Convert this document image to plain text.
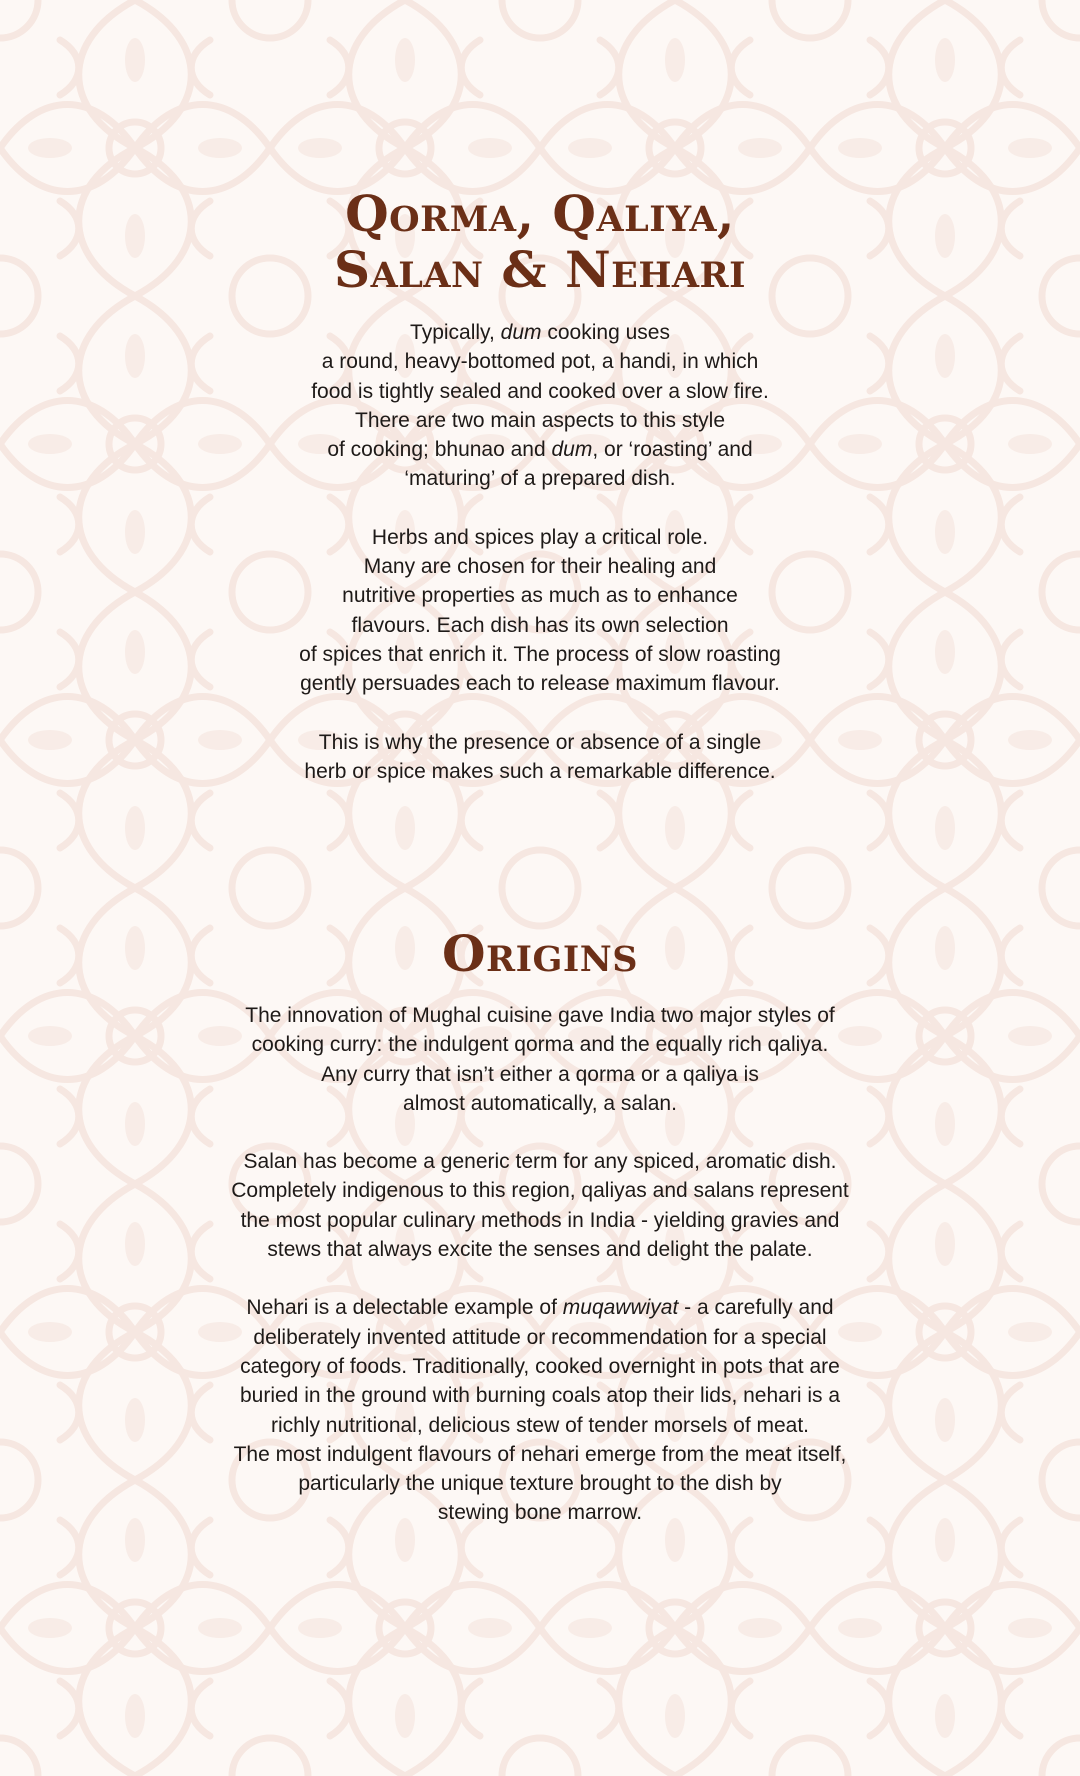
Qorma, Qaliya,
Salan & Nehari

Typically, dum cooking uses
a round, heavy-bottomed pot, a handi, in which
food is tightly sealed and cooked over a slow fire.
There are two main aspects to this style
of cooking; bhunao and dum, or ‘roasting’ and
‘maturing’ of a prepared dish.

Herbs and spices play a critical role.
Many are chosen for their healing and
nutritive properties as much as to enhance
flavours. Each dish has its own selection
of spices that enrich it. The process of slow roasting
gently persuades each to release maximum flavour.

This is why the presence or absence of a single
herb or spice makes such a remarkable difference.

Origins

The innovation of Mughal cuisine gave India two major styles of
cooking curry: the indulgent qorma and the equally rich qaliya.
Any curry that isn’t either a qorma or a qaliya is
almost automatically, a salan.

Salan has become a generic term for any spiced, aromatic dish.
Completely indigenous to this region, qaliyas and salans represent
the most popular culinary methods in India - yielding gravies and
stews that always excite the senses and delight the palate.

Nehari is a delectable example of muqawwiyat - a carefully and
deliberately invented attitude or recommendation for a special
category of foods. Traditionally, cooked overnight in pots that are
buried in the ground with burning coals atop their lids, nehari is a
richly nutritional, delicious stew of tender morsels of meat.
The most indulgent flavours of nehari emerge from the meat itself,
particularly the unique texture brought to the dish by
stewing bone marrow.
